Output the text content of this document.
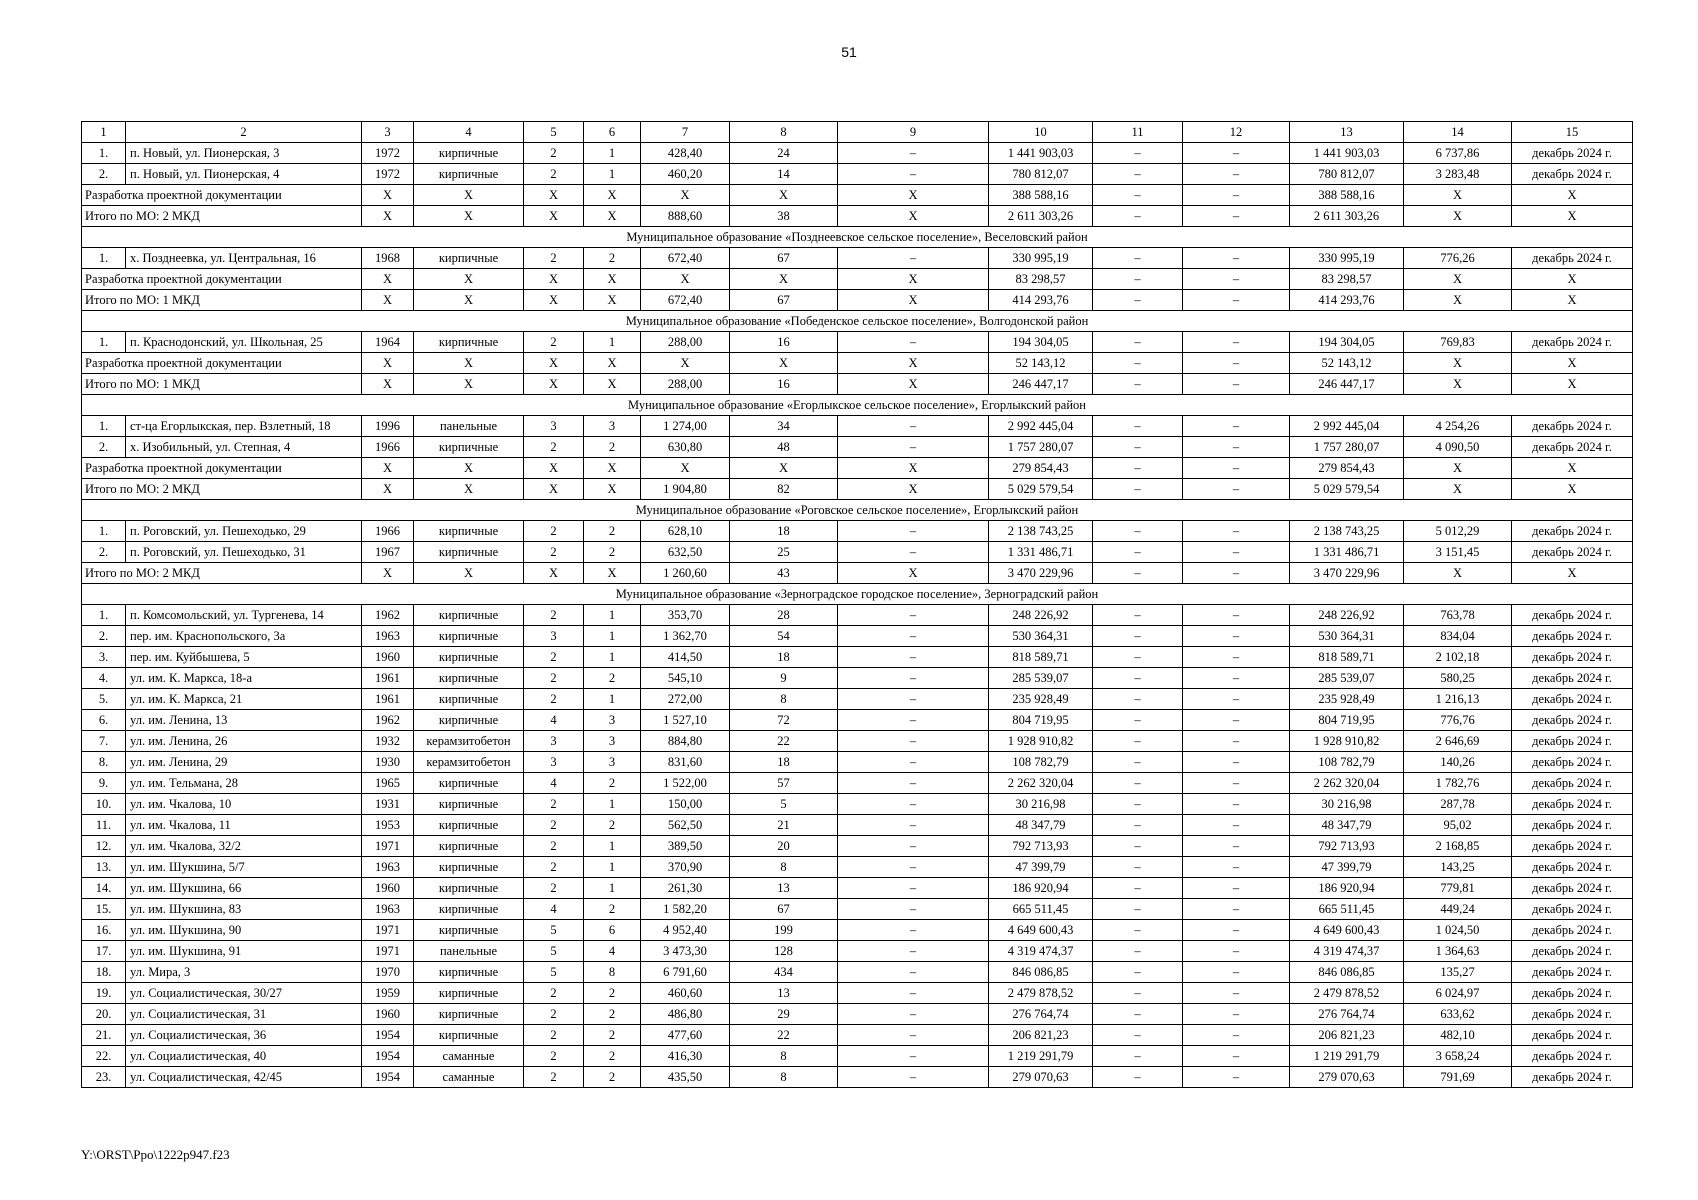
51
1	2	3	4	5	6	7	8	9	10	11	12	13	14	15
1.	п. Новый, ул. Пионерская, 3	1972	кирпичные	2	1	428,40	24	–	1 441 903,03	–	–	1 441 903,03	6 737,86	декабрь 2024 г.
2.	п. Новый, ул. Пионерская, 4	1972	кирпичные	2	1	460,20	14	–	780 812,07	–	–	780 812,07	3 283,48	декабрь 2024 г.
Разработка проектной документации		Х	Х	Х	Х	Х	Х	Х	388 588,16	–	–	388 588,16	Х	Х
Итого по МО: 2 МКД		Х	Х	Х	Х	888,60	38	Х	2 611 303,26	–	–	2 611 303,26	Х	Х
Муниципальное образование «Позднеевское сельское поселение», Веселовский район														
1.	х. Позднеевка, ул. Центральная, 16	1968	кирпичные	2	2	672,40	67	–	330 995,19	–	–	330 995,19	776,26	декабрь 2024 г.
Разработка проектной документации		Х	Х	Х	Х	Х	Х	Х	83 298,57	–	–	83 298,57	Х	Х
Итого по МО: 1 МКД		Х	Х	Х	Х	672,40	67	Х	414 293,76	–	–	414 293,76	Х	Х
Муниципальное образование «Победенское сельское поселение», Волгодонской район														
1.	п. Краснодонский, ул. Школьная, 25	1964	кирпичные	2	1	288,00	16	–	194 304,05	–	–	194 304,05	769,83	декабрь 2024 г.
Разработка проектной документации		Х	Х	Х	Х	Х	Х	Х	52 143,12	–	–	52 143,12	Х	Х
Итого по МО: 1 МКД		Х	Х	Х	Х	288,00	16	Х	246 447,17	–	–	246 447,17	Х	Х
Муниципальное образование «Егорлыкское сельское поселение», Егорлыкский район														
1.	ст-ца Егорлыкская, пер. Взлетный, 18	1996	панельные	3	3	1 274,00	34	–	2 992 445,04	–	–	2 992 445,04	4 254,26	декабрь 2024 г.
2.	х. Изобильный, ул. Степная, 4	1966	кирпичные	2	2	630,80	48	–	1 757 280,07	–	–	1 757 280,07	4 090,50	декабрь 2024 г.
Разработка проектной документации		Х	Х	Х	Х	Х	Х	Х	279 854,43	–	–	279 854,43	Х	Х
Итого по МО: 2 МКД		Х	Х	Х	Х	1 904,80	82	Х	5 029 579,54	–	–	5 029 579,54	Х	Х
Муниципальное образование «Роговское сельское поселение», Егорлыкский район														
1.	п. Роговский, ул. Пешеходько, 29	1966	кирпичные	2	2	628,10	18	–	2 138 743,25	–	–	2 138 743,25	5 012,29	декабрь 2024 г.
2.	п. Роговский, ул. Пешеходько, 31	1967	кирпичные	2	2	632,50	25	–	1 331 486,71	–	–	1 331 486,71	3 151,45	декабрь 2024 г.
Итого по МО: 2 МКД		Х	Х	Х	Х	1 260,60	43	Х	3 470 229,96	–	–	3 470 229,96	Х	Х
Муниципальное образование «Зерноградское городское поселение», Зерноградский район														
1.	п. Комсомольский, ул. Тургенева, 14	1962	кирпичные	2	1	353,70	28	–	248 226,92	–	–	248 226,92	763,78	декабрь 2024 г.
2.	пер. им. Краснопольского, 3а	1963	кирпичные	3	1	1 362,70	54	–	530 364,31	–	–	530 364,31	834,04	декабрь 2024 г.
3.	пер. им. Куйбышева, 5	1960	кирпичные	2	1	414,50	18	–	818 589,71	–	–	818 589,71	2 102,18	декабрь 2024 г.
4.	ул. им. К. Маркса, 18-а	1961	кирпичные	2	2	545,10	9	–	285 539,07	–	–	285 539,07	580,25	декабрь 2024 г.
5.	ул. им. К. Маркса, 21	1961	кирпичные	2	1	272,00	8	–	235 928,49	–	–	235 928,49	1 216,13	декабрь 2024 г.
6.	ул. им. Ленина, 13	1962	кирпичные	4	3	1 527,10	72	–	804 719,95	–	–	804 719,95	776,76	декабрь 2024 г.
7.	ул. им. Ленина, 26	1932	керамзитобетон	3	3	884,80	22	–	1 928 910,82	–	–	1 928 910,82	2 646,69	декабрь 2024 г.
8.	ул. им. Ленина, 29	1930	керамзитобетон	3	3	831,60	18	–	108 782,79	–	–	108 782,79	140,26	декабрь 2024 г.
9.	ул. им. Тельмана, 28	1965	кирпичные	4	2	1 522,00	57	–	2 262 320,04	–	–	2 262 320,04	1 782,76	декабрь 2024 г.
10.	ул. им. Чкалова, 10	1931	кирпичные	2	1	150,00	5	–	30 216,98	–	–	30 216,98	287,78	декабрь 2024 г.
11.	ул. им. Чкалова, 11	1953	кирпичные	2	2	562,50	21	–	48 347,79	–	–	48 347,79	95,02	декабрь 2024 г.
12.	ул. им. Чкалова, 32/2	1971	кирпичные	2	1	389,50	20	–	792 713,93	–	–	792 713,93	2 168,85	декабрь 2024 г.
13.	ул. им. Шукшина, 5/7	1963	кирпичные	2	1	370,90	8	–	47 399,79	–	–	47 399,79	143,25	декабрь 2024 г.
14.	ул. им. Шукшина, 66	1960	кирпичные	2	1	261,30	13	–	186 920,94	–	–	186 920,94	779,81	декабрь 2024 г.
15.	ул. им. Шукшина, 83	1963	кирпичные	4	2	1 582,20	67	–	665 511,45	–	–	665 511,45	449,24	декабрь 2024 г.
16.	ул. им. Шукшина, 90	1971	кирпичные	5	6	4 952,40	199	–	4 649 600,43	–	–	4 649 600,43	1 024,50	декабрь 2024 г.
17.	ул. им. Шукшина, 91	1971	панельные	5	4	3 473,30	128	–	4 319 474,37	–	–	4 319 474,37	1 364,63	декабрь 2024 г.
18.	ул. Мира, 3	1970	кирпичные	5	8	6 791,60	434	–	846 086,85	–	–	846 086,85	135,27	декабрь 2024 г.
19.	ул. Социалистическая, 30/27	1959	кирпичные	2	2	460,60	13	–	2 479 878,52	–	–	2 479 878,52	6 024,97	декабрь 2024 г.
20.	ул. Социалистическая, 31	1960	кирпичные	2	2	486,80	29	–	276 764,74	–	–	276 764,74	633,62	декабрь 2024 г.
21.	ул. Социалистическая, 36	1954	кирпичные	2	2	477,60	22	–	206 821,23	–	–	206 821,23	482,10	декабрь 2024 г.
22.	ул. Социалистическая, 40	1954	саманные	2	2	416,30	8	–	1 219 291,79	–	–	1 219 291,79	3 658,24	декабрь 2024 г.
23.	ул. Социалистическая, 42/45	1954	саманные	2	2	435,50	8	–	279 070,63	–	–	279 070,63	791,69	декабрь 2024 г.
Y:\ORST\Ppo\1222p947.f23
